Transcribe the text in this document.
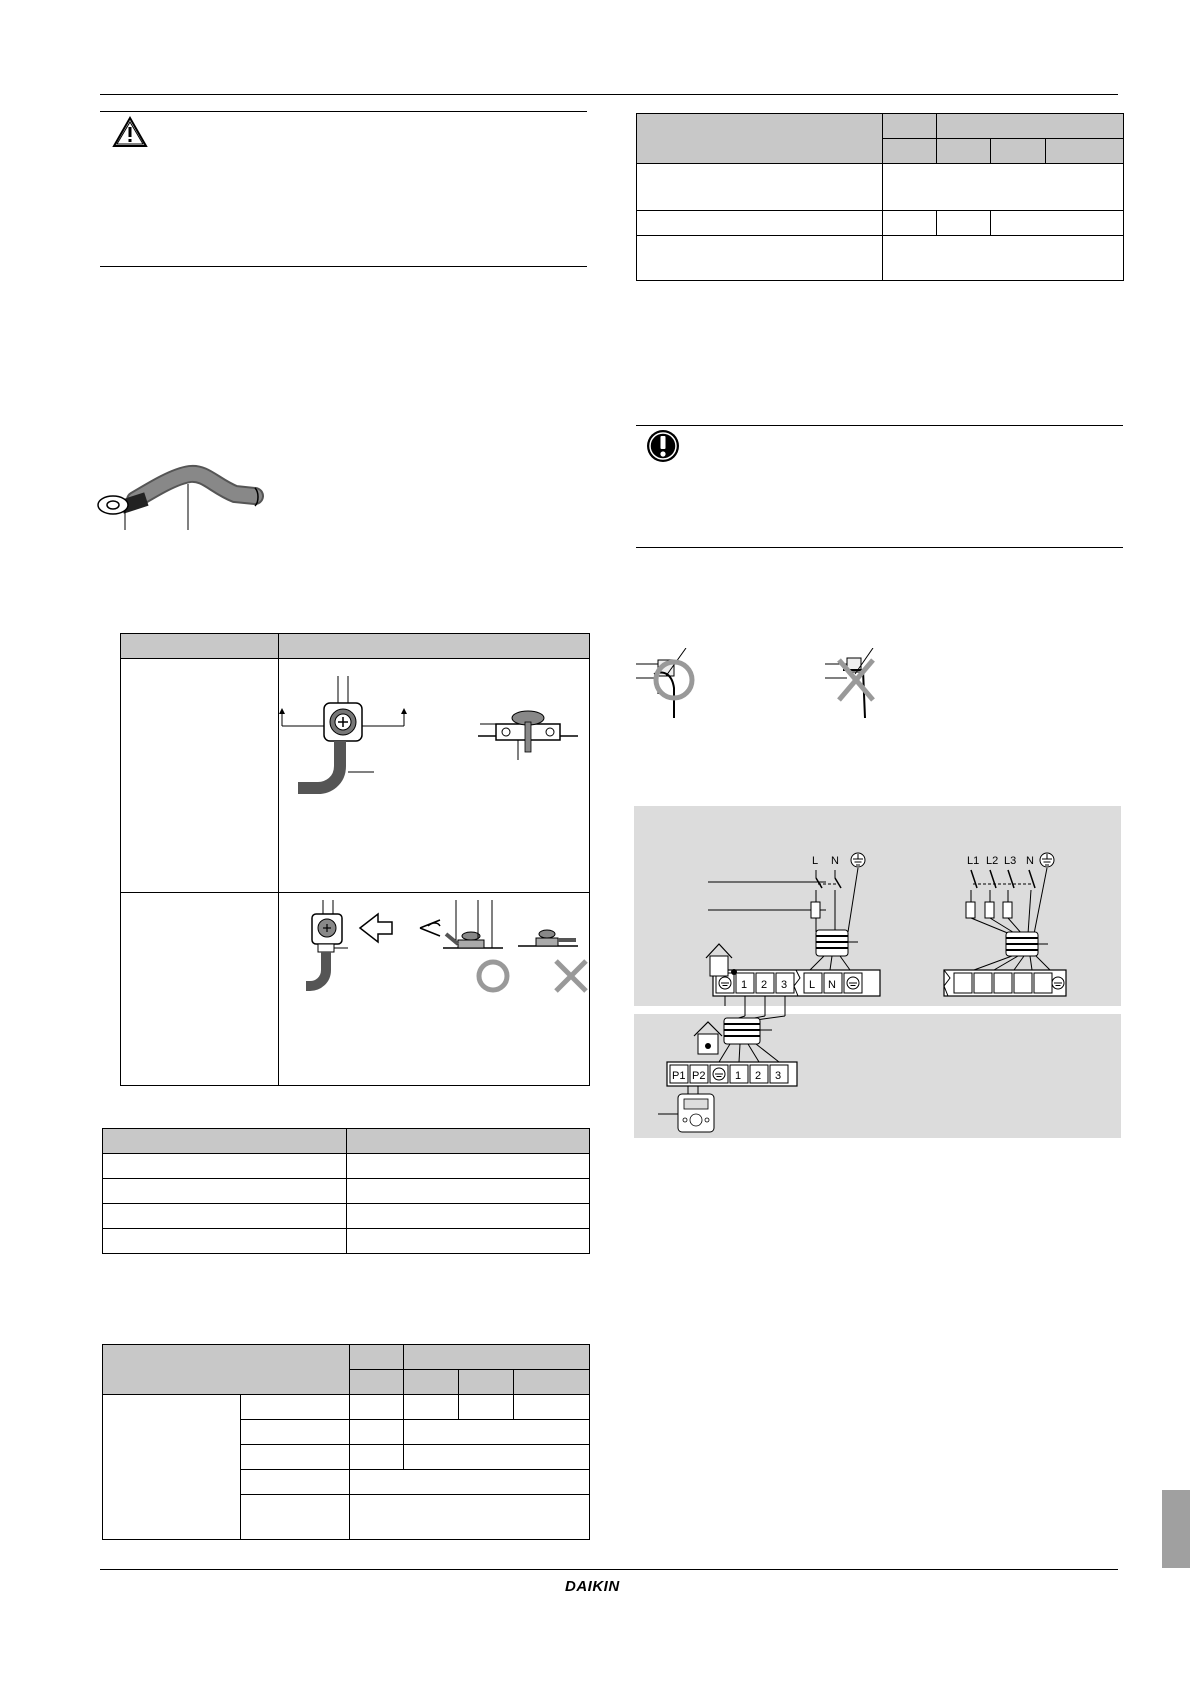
L N	L1 L2 L3 N
1 2 3 L N
P1 P2	1 2 3
DAIKIN
